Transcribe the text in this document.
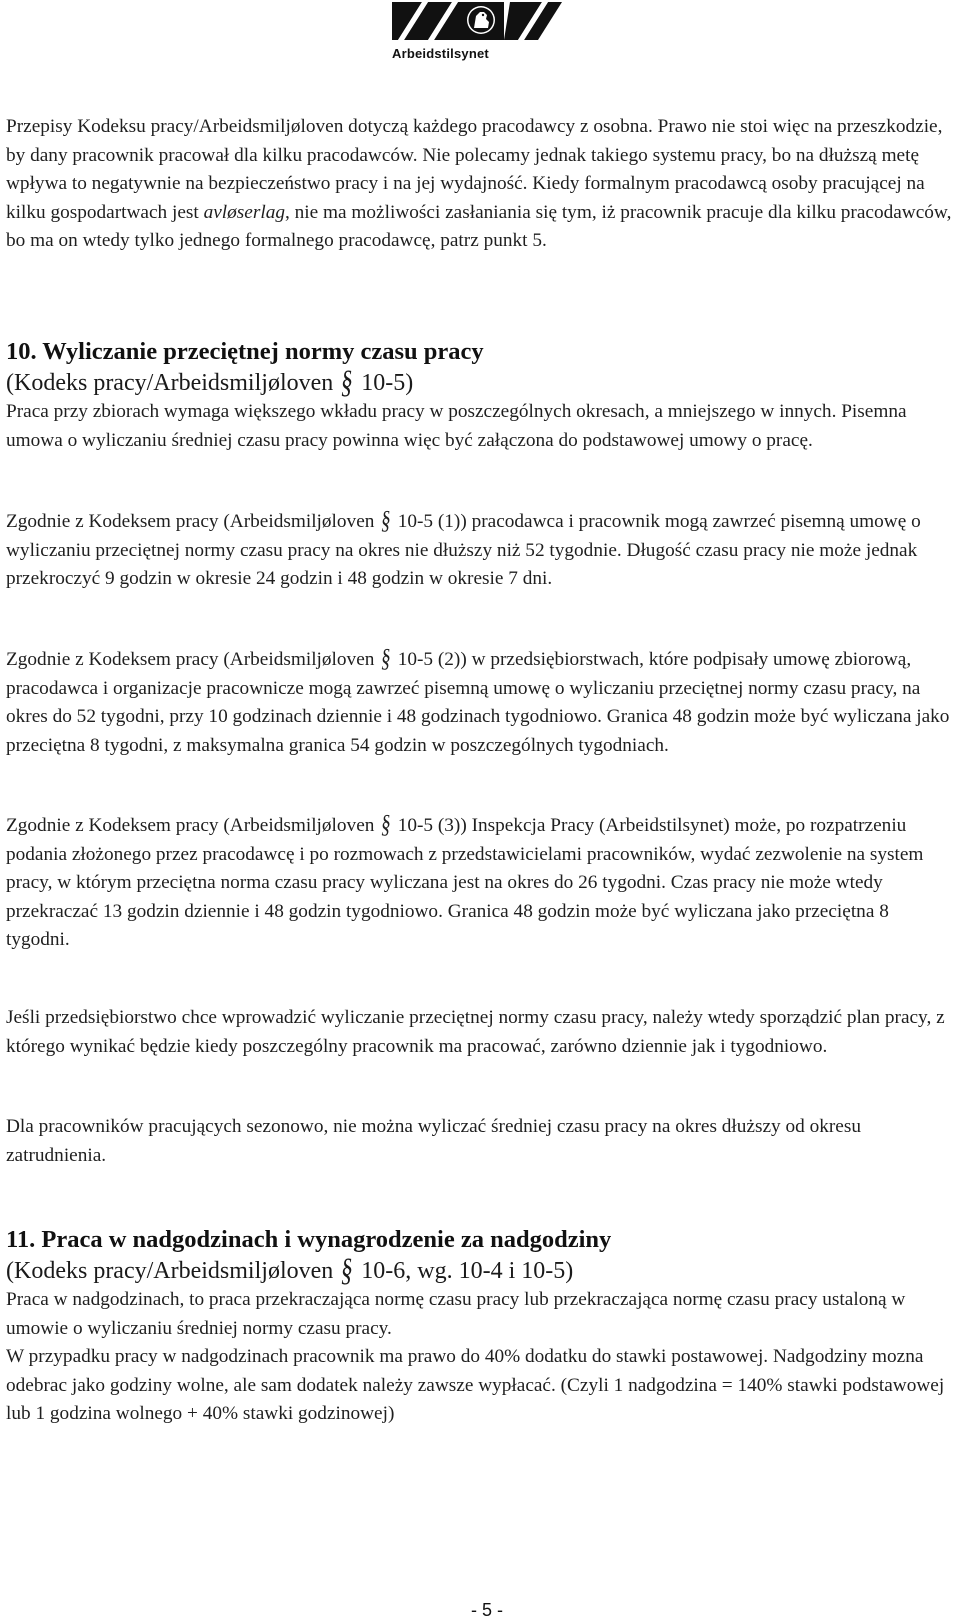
Arbeidstilsynet

Przepisy Kodeksu pracy/Arbeidsmiljøloven dotyczą każdego pracodawcy z osobna. Prawo nie stoi więc na przeszkodzie, by dany pracownik pracował dla kilku pracodawców. Nie polecamy jednak takiego systemu pracy, bo na dłuższą metę wpływa to negatywnie na bezpieczeństwo pracy i na jej wydajność. Kiedy formalnym pracodawcą osoby pracującej na kilku gospodartwach jest avløserlag, nie ma możliwości zasłaniania się tym, iż pracownik pracuje dla kilku pracodawców, bo ma on wtedy tylko jednego formalnego pracodawcę, patrz punkt 5.

10. Wyliczanie przeciętnej normy czasu pracy

(Kodeks pracy/Arbeidsmiljøloven § 10-5)

Praca przy zbiorach wymaga większego wkładu pracy w poszczególnych okresach, a mniejszego w innych. Pisemna umowa o wyliczaniu średniej czasu pracy powinna więc być załączona do podstawowej umowy o pracę.

Zgodnie z Kodeksem pracy (Arbeidsmiljøloven § 10-5 (1)) pracodawca i pracownik mogą zawrzeć pisemną umowę o wyliczaniu przeciętnej normy czasu pracy na okres nie dłuższy niż 52 tygodnie. Długość czasu pracy nie może jednak przekroczyć 9 godzin w okresie 24 godzin i 48 godzin w okresie 7 dni.

Zgodnie z Kodeksem pracy (Arbeidsmiljøloven § 10-5 (2)) w przedsiębiorstwach, które podpisały umowę zbiorową, pracodawca i organizacje pracownicze mogą zawrzeć pisemną umowę o wyliczaniu przeciętnej normy czasu pracy, na okres do 52 tygodni, przy 10 godzinach dziennie i 48 godzinach tygodniowo. Granica 48 godzin może być wyliczana jako przeciętna 8 tygodni, z maksymalna granica 54 godzin w poszczególnych tygodniach.

Zgodnie z Kodeksem pracy (Arbeidsmiljøloven § 10-5 (3)) Inspekcja Pracy (Arbeidstilsynet) może, po rozpatrzeniu podania złożonego przez pracodawcę i po rozmowach z przedstawicielami pracowników, wydać zezwolenie na system pracy, w którym przeciętna norma czasu pracy wyliczana jest na okres do 26 tygodni. Czas pracy nie może wtedy przekraczać 13 godzin dziennie i 48 godzin tygodniowo. Granica 48 godzin może być wyliczana jako przeciętna 8 tygodni.

Jeśli przedsiębiorstwo chce wprowadzić wyliczanie przeciętnej normy czasu pracy, należy wtedy sporządzić plan pracy, z którego wynikać będzie kiedy poszczególny pracownik ma pracować, zarówno dziennie jak i tygodniowo.

Dla pracowników pracujących sezonowo, nie można wyliczać średniej czasu pracy na okres dłuższy od okresu zatrudnienia.

11. Praca w nadgodzinach i wynagrodzenie za nadgodziny

(Kodeks pracy/Arbeidsmiljøloven § 10-6, wg. 10-4 i 10-5)

Praca w nadgodzinach, to praca przekraczająca normę czasu pracy lub przekraczająca normę czasu pracy ustaloną w umowie o wyliczaniu średniej normy czasu pracy.

W przypadku pracy w nadgodzinach pracownik ma prawo do 40% dodatku do stawki postawowej. Nadgodziny mozna odebrac jako godziny wolne, ale sam dodatek należy zawsze wypłacać. (Czyli 1 nadgodzina = 140% stawki podstawowej lub 1 godzina wolnego + 40% stawki godzinowej)

- 5 -
